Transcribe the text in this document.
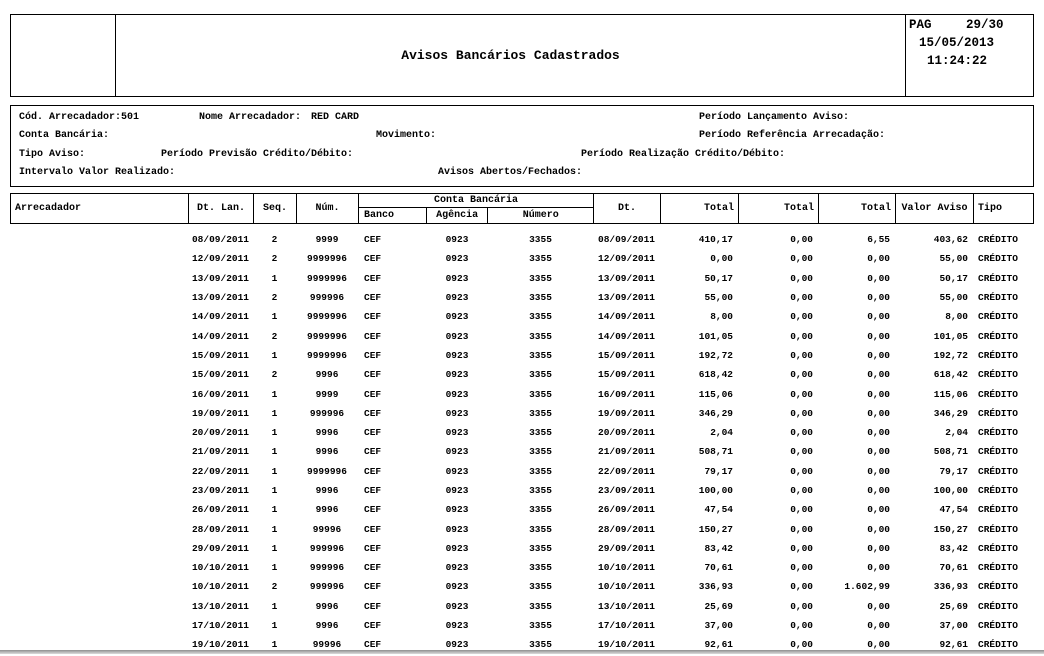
Avisos Bancários Cadastrados
PAG	29/30
15/05/2013
11:24:22
Cód. Arrecadador: 501	Nome Arrecadador: RED CARD	Período Lançamento Aviso:
Conta Bancária:	Movimento:	Período Referência Arrecadação:
Tipo Aviso:	Período Previsão Crédito/Débito:	Período Realização Crédito/Débito:
Intervalo Valor Realizado:	Avisos Abertos/Fechados:
Arrecadador	Dt. Lan.	Seq.	Núm.
Conta Bancária
Banco	Agência	Número
Dt.	Total	Total	Total	Valor Aviso	Tipo
08/09/2011	2	9999	CEF	0923	3355	08/09/2011	410,17	0,00	6,55	403,62	CRÉDITO
12/09/2011	2	9999996	CEF	0923	3355	12/09/2011	0,00	0,00	0,00	55,00	CRÉDITO
13/09/2011	1	9999996	CEF	0923	3355	13/09/2011	50,17	0,00	0,00	50,17	CRÉDITO
13/09/2011	2	999996	CEF	0923	3355	13/09/2011	55,00	0,00	0,00	55,00	CRÉDITO
14/09/2011	1	9999996	CEF	0923	3355	14/09/2011	8,00	0,00	0,00	8,00	CRÉDITO
14/09/2011	2	9999996	CEF	0923	3355	14/09/2011	101,05	0,00	0,00	101,05	CRÉDITO
15/09/2011	1	9999996	CEF	0923	3355	15/09/2011	192,72	0,00	0,00	192,72	CRÉDITO
15/09/2011	2	9996	CEF	0923	3355	15/09/2011	618,42	0,00	0,00	618,42	CRÉDITO
16/09/2011	1	9999	CEF	0923	3355	16/09/2011	115,06	0,00	0,00	115,06	CRÉDITO
19/09/2011	1	999996	CEF	0923	3355	19/09/2011	346,29	0,00	0,00	346,29	CRÉDITO
20/09/2011	1	9996	CEF	0923	3355	20/09/2011	2,04	0,00	0,00	2,04	CRÉDITO
21/09/2011	1	9996	CEF	0923	3355	21/09/2011	508,71	0,00	0,00	508,71	CRÉDITO
22/09/2011	1	9999996	CEF	0923	3355	22/09/2011	79,17	0,00	0,00	79,17	CRÉDITO
23/09/2011	1	9996	CEF	0923	3355	23/09/2011	100,00	0,00	0,00	100,00	CRÉDITO
26/09/2011	1	9996	CEF	0923	3355	26/09/2011	47,54	0,00	0,00	47,54	CRÉDITO
28/09/2011	1	99996	CEF	0923	3355	28/09/2011	150,27	0,00	0,00	150,27	CRÉDITO
29/09/2011	1	999996	CEF	0923	3355	29/09/2011	83,42	0,00	0,00	83,42	CRÉDITO
10/10/2011	1	999996	CEF	0923	3355	10/10/2011	70,61	0,00	0,00	70,61	CRÉDITO
10/10/2011	2	999996	CEF	0923	3355	10/10/2011	336,93	0,00	1.602,99	336,93	CRÉDITO
13/10/2011	1	9996	CEF	0923	3355	13/10/2011	25,69	0,00	0,00	25,69	CRÉDITO
17/10/2011	1	9996	CEF	0923	3355	17/10/2011	37,00	0,00	0,00	37,00	CRÉDITO
19/10/2011	1	99996	CEF	0923	3355	19/10/2011	92,61	0,00	0,00	92,61	CRÉDITO
